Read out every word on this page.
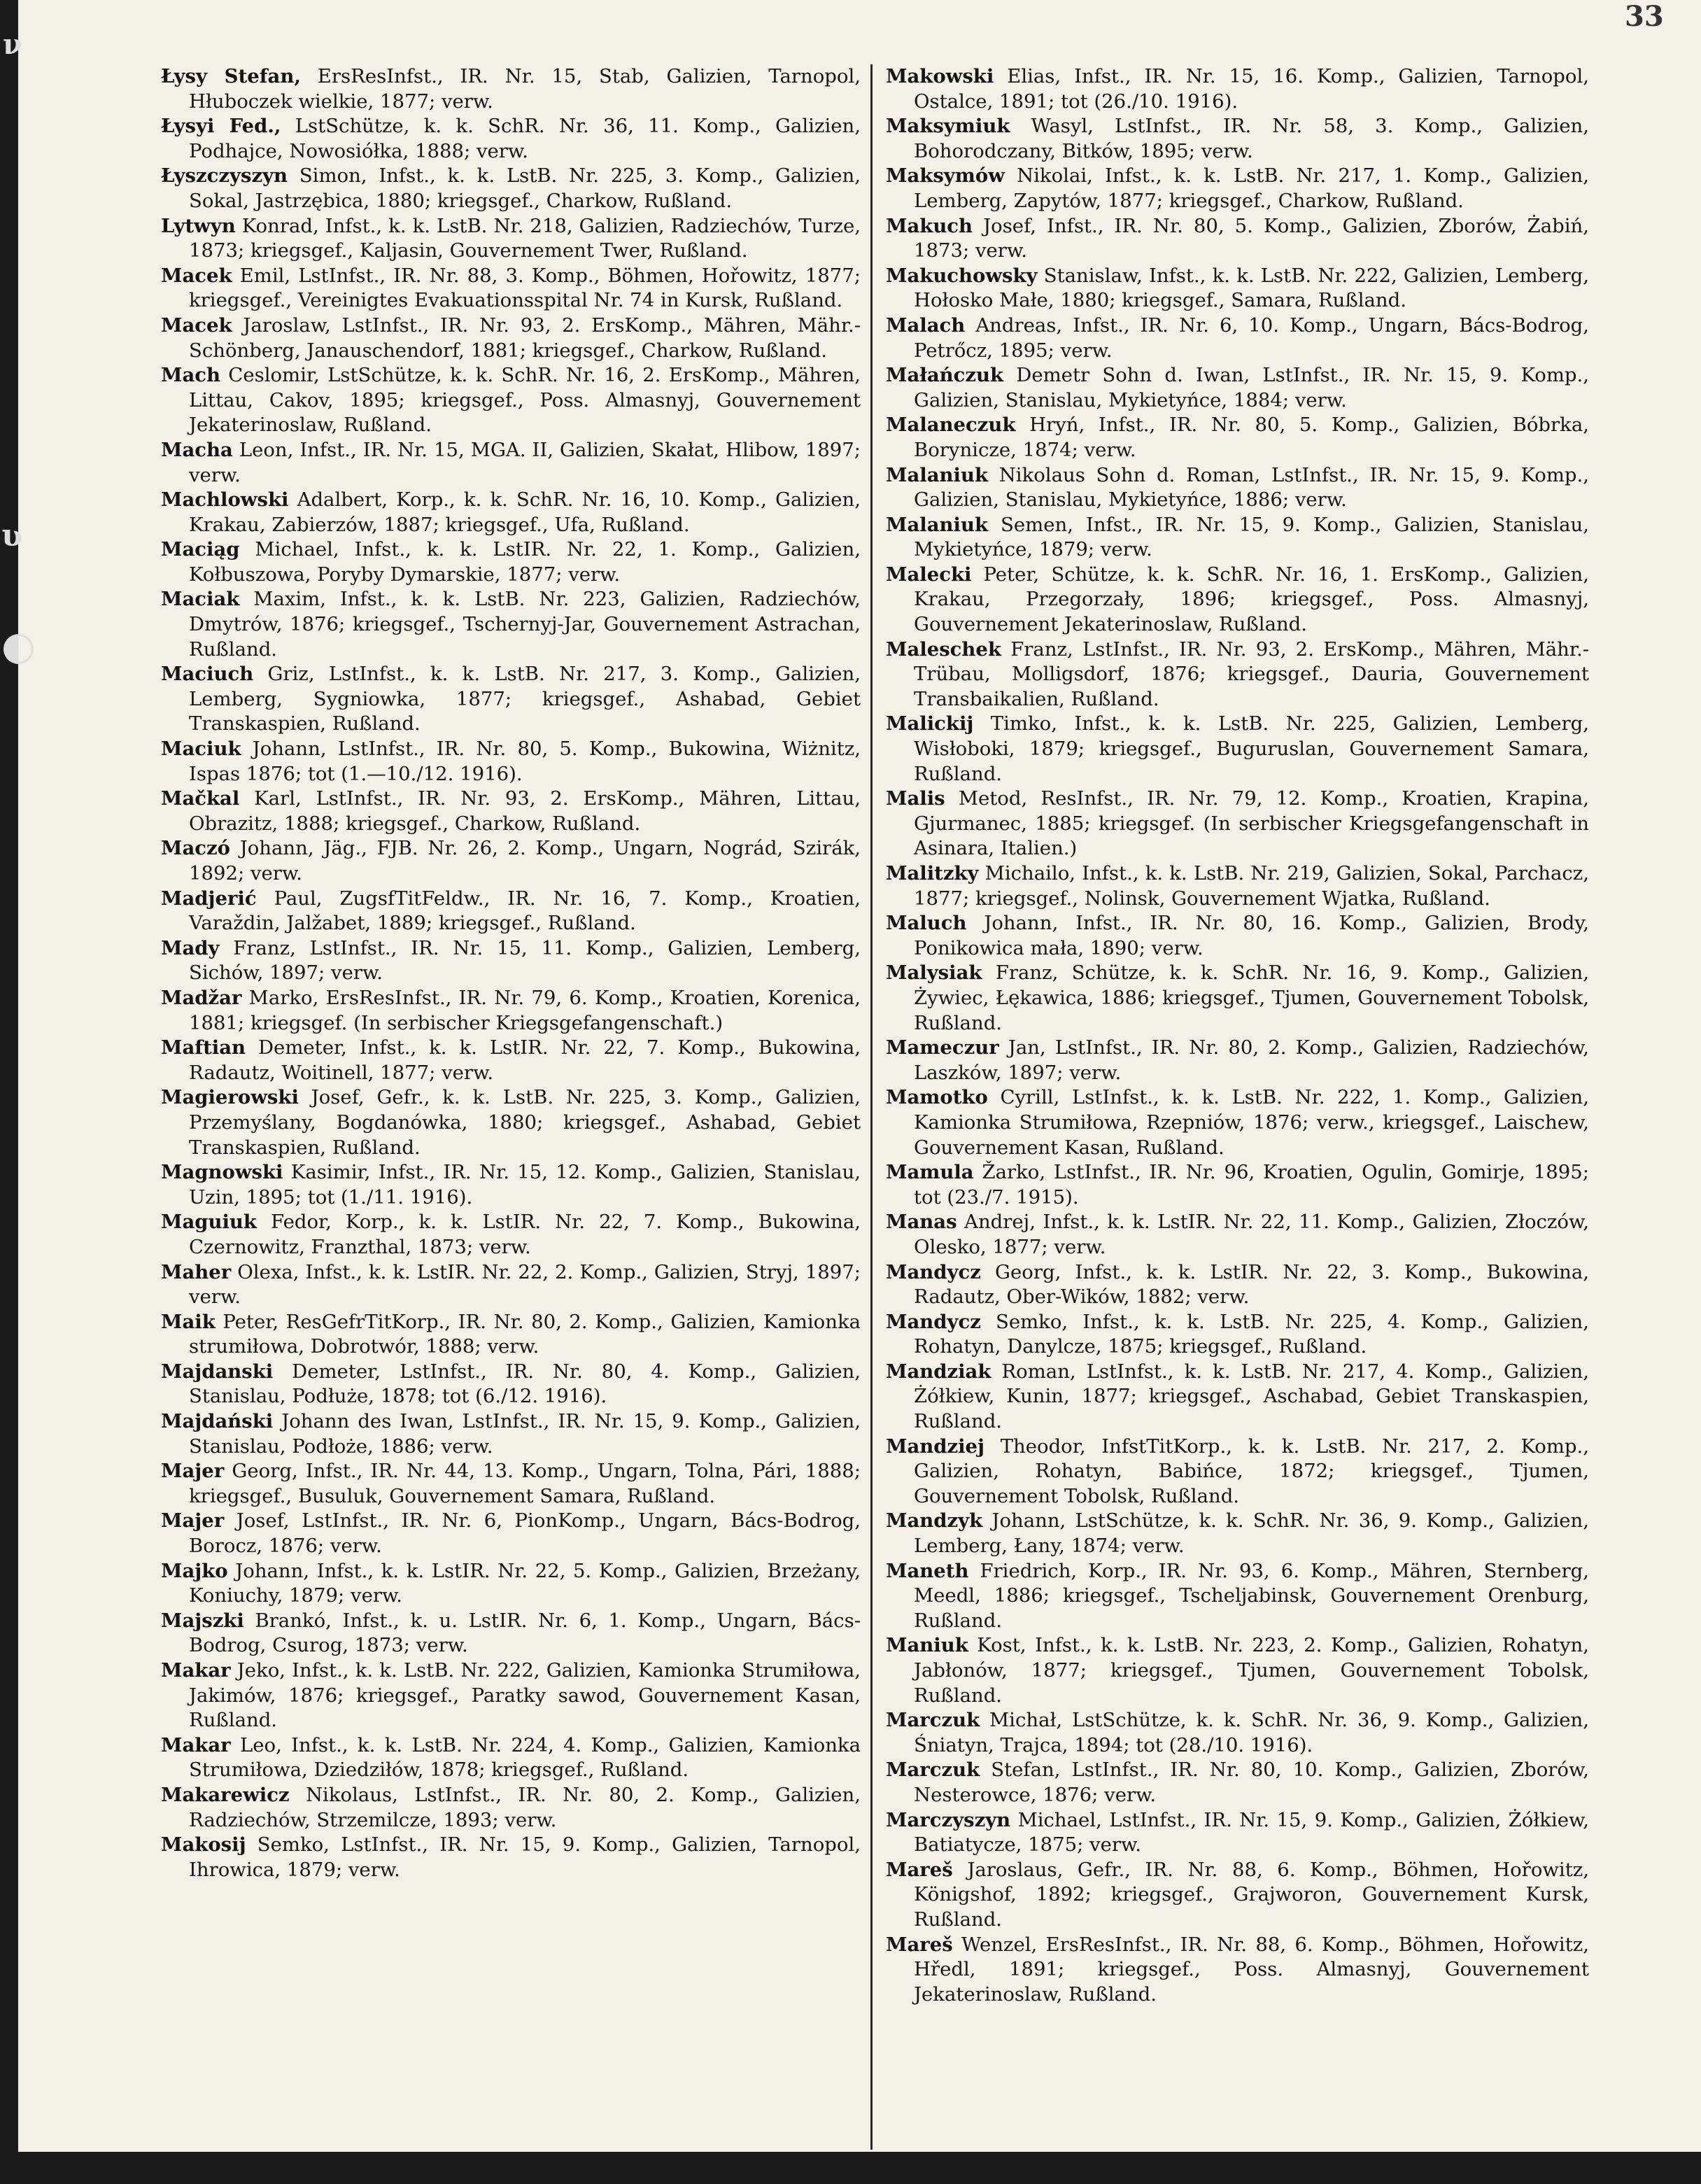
ν
ʋ
◐
33

Łysy Stefan, ErsResInfst., IR. Nr. 15, Stab, Galizien, Tarnopol, Hłuboczek wielkie, 1877; verw.

Łysyi Fed., LstSchütze, k. k. SchR. Nr. 36, 11. Komp., Galizien, Podhajce, Nowosiółka, 1888; verw.

Łyszczyszyn Simon, Infst., k. k. LstB. Nr. 225, 3. Komp., Galizien, Sokal, Jastrzębica, 1880; kriegsgef., Charkow, Rußland.

Lytwyn Konrad, Infst., k. k. LstB. Nr. 218, Galizien, Radziechów, Turze, 1873; kriegsgef., Kaljasin, Gouvernement Twer, Rußland.

Macek Emil, LstInfst., IR. Nr. 88, 3. Komp., Böhmen, Hořowitz, 1877; kriegsgef., Vereinigtes Evakuationsspital Nr. 74 in Kursk, Rußland.

Macek Jaroslaw, LstInfst., IR. Nr. 93, 2. ErsKomp., Mähren, Mähr.-Schönberg, Janauschendorf, 1881; kriegsgef., Charkow, Rußland.

Mach Ceslomir, LstSchütze, k. k. SchR. Nr. 16, 2. ErsKomp., Mähren, Littau, Cakov, 1895; kriegsgef., Poss. Almasnyj, Gouvernement Jekaterinoslaw, Rußland.

Macha Leon, Infst., IR. Nr. 15, MGA. II, Galizien, Skałat, Hlibow, 1897; verw.

Machlowski Adalbert, Korp., k. k. SchR. Nr. 16, 10. Komp., Galizien, Krakau, Zabierzów, 1887; kriegsgef., Ufa, Rußland.

Maciąg Michael, Infst., k. k. LstIR. Nr. 22, 1. Komp., Galizien, Kołbuszowa, Poryby Dymarskie, 1877; verw.

Maciak Maxim, Infst., k. k. LstB. Nr. 223, Galizien, Radziechów, Dmytrów, 1876; kriegsgef., Tschernyj-Jar, Gouvernement Astrachan, Rußland.

Maciuch Griz, LstInfst., k. k. LstB. Nr. 217, 3. Komp., Galizien, Lemberg, Sygniowka, 1877; kriegsgef., Ashabad, Gebiet Transkaspien, Rußland.

Maciuk Johann, LstInfst., IR. Nr. 80, 5. Komp., Bukowina, Wiżnitz, Ispas 1876; tot (1.—10./12. 1916).

Mačkal Karl, LstInfst., IR. Nr. 93, 2. ErsKomp., Mähren, Littau, Obrazitz, 1888; kriegsgef., Charkow, Rußland.

Maczó Johann, Jäg., FJB. Nr. 26, 2. Komp., Ungarn, Nográd, Szirák, 1892; verw.

Madjerić Paul, ZugsfTitFeldw., IR. Nr. 16, 7. Komp., Kroatien, Varaždin, Jalžabet, 1889; kriegsgef., Rußland.

Mady Franz, LstInfst., IR. Nr. 15, 11. Komp., Galizien, Lemberg, Sichów, 1897; verw.

Madžar Marko, ErsResInfst., IR. Nr. 79, 6. Komp., Kroatien, Korenica, 1881; kriegsgef. (In serbischer Kriegsgefangenschaft.)

Maftian Demeter, Infst., k. k. LstIR. Nr. 22, 7. Komp., Bukowina, Radautz, Woitinell, 1877; verw.

Magierowski Josef, Gefr., k. k. LstB. Nr. 225, 3. Komp., Galizien, Przemyślany, Bogdanówka, 1880; kriegsgef., Ashabad, Gebiet Transkaspien, Rußland.

Magnowski Kasimir, Infst., IR. Nr. 15, 12. Komp., Galizien, Stanislau, Uzin, 1895; tot (1./11. 1916).

Maguiuk Fedor, Korp., k. k. LstIR. Nr. 22, 7. Komp., Bukowina, Czernowitz, Franzthal, 1873; verw.

Maher Olexa, Infst., k. k. LstIR. Nr. 22, 2. Komp., Galizien, Stryj, 1897; verw.

Maik Peter, ResGefrTitKorp., IR. Nr. 80, 2. Komp., Galizien, Kamionka strumiłowa, Dobrotwór, 1888; verw.

Majdanski Demeter, LstInfst., IR. Nr. 80, 4. Komp., Galizien, Stanislau, Podłuże, 1878; tot (6./12. 1916).

Majdański Johann des Iwan, LstInfst., IR. Nr. 15, 9. Komp., Galizien, Stanislau, Podłoże, 1886; verw.

Majer Georg, Infst., IR. Nr. 44, 13. Komp., Ungarn, Tolna, Pári, 1888; kriegsgef., Busuluk, Gouvernement Samara, Rußland.

Majer Josef, LstInfst., IR. Nr. 6, PionKomp., Ungarn, Bács-Bodrog, Borocz, 1876; verw.

Majko Johann, Infst., k. k. LstIR. Nr. 22, 5. Komp., Galizien, Brzeżany, Koniuchy, 1879; verw.

Majszki Brankó, Infst., k. u. LstIR. Nr. 6, 1. Komp., Ungarn, Bács-Bodrog, Csurog, 1873; verw.

Makar Jeko, Infst., k. k. LstB. Nr. 222, Galizien, Kamionka Strumiłowa, Jakimów, 1876; kriegsgef., Paratky sawod, Gouvernement Kasan, Rußland.

Makar Leo, Infst., k. k. LstB. Nr. 224, 4. Komp., Galizien, Kamionka Strumiłowa, Dziedziłów, 1878; kriegsgef., Rußland.

Makarewicz Nikolaus, LstInfst., IR. Nr. 80, 2. Komp., Galizien, Radziechów, Strzemilcze, 1893; verw.

Makosij Semko, LstInfst., IR. Nr. 15, 9. Komp., Galizien, Tarnopol, Ihrowica, 1879; verw.

Makowski Elias, Infst., IR. Nr. 15, 16. Komp., Galizien, Tarnopol, Ostalce, 1891; tot (26./10. 1916).

Maksymiuk Wasyl, LstInfst., IR. Nr. 58, 3. Komp., Galizien, Bohorodczany, Bitków, 1895; verw.

Maksymów Nikolai, Infst., k. k. LstB. Nr. 217, 1. Komp., Galizien, Lemberg, Zapytów, 1877; kriegsgef., Charkow, Rußland.

Makuch Josef, Infst., IR. Nr. 80, 5. Komp., Galizien, Zborów, Żabiń, 1873; verw.

Makuchowsky Stanislaw, Infst., k. k. LstB. Nr. 222, Galizien, Lemberg, Hołosko Małe, 1880; kriegsgef., Samara, Rußland.

Malach Andreas, Infst., IR. Nr. 6, 10. Komp., Ungarn, Bács-Bodrog, Petrőcz, 1895; verw.

Małańczuk Demetr Sohn d. Iwan, LstInfst., IR. Nr. 15, 9. Komp., Galizien, Stanislau, Mykietyńce, 1884; verw.

Malaneczuk Hryń, Infst., IR. Nr. 80, 5. Komp., Galizien, Bóbrka, Borynicze, 1874; verw.

Malaniuk Nikolaus Sohn d. Roman, LstInfst., IR. Nr. 15, 9. Komp., Galizien, Stanislau, Mykietyńce, 1886; verw.

Malaniuk Semen, Infst., IR. Nr. 15, 9. Komp., Galizien, Stanislau, Mykietyńce, 1879; verw.

Malecki Peter, Schütze, k. k. SchR. Nr. 16, 1. ErsKomp., Galizien, Krakau, Przegorzały, 1896; kriegsgef., Poss. Almasnyj, Gouvernement Jekaterinoslaw, Rußland.

Maleschek Franz, LstInfst., IR. Nr. 93, 2. ErsKomp., Mähren, Mähr.-Trübau, Molligsdorf, 1876; kriegsgef., Dauria, Gouvernement Transbaikalien, Rußland.

Malickij Timko, Infst., k. k. LstB. Nr. 225, Galizien, Lemberg, Wisłoboki, 1879; kriegsgef., Buguruslan, Gouvernement Samara, Rußland.

Malis Metod, ResInfst., IR. Nr. 79, 12. Komp., Kroatien, Krapina, Gjurmanec, 1885; kriegsgef. (In serbischer Kriegsgefangenschaft in Asinara, Italien.)

Malitzky Michailo, Infst., k. k. LstB. Nr. 219, Galizien, Sokal, Parchacz, 1877; kriegsgef., Nolinsk, Gouvernement Wjatka, Rußland.

Maluch Johann, Infst., IR. Nr. 80, 16. Komp., Galizien, Brody, Ponikowica mała, 1890; verw.

Malysiak Franz, Schütze, k. k. SchR. Nr. 16, 9. Komp., Galizien, Żywiec, Łękawica, 1886; kriegsgef., Tjumen, Gouvernement Tobolsk, Rußland.

Mameczur Jan, LstInfst., IR. Nr. 80, 2. Komp., Galizien, Radziechów, Laszków, 1897; verw.

Mamotko Cyrill, LstInfst., k. k. LstB. Nr. 222, 1. Komp., Galizien, Kamionka Strumiłowa, Rzepniów, 1876; verw., kriegsgef., Laischew, Gouvernement Kasan, Rußland.

Mamula Žarko, LstInfst., IR. Nr. 96, Kroatien, Ogulin, Gomirje, 1895; tot (23./7. 1915).

Manas Andrej, Infst., k. k. LstIR. Nr. 22, 11. Komp., Galizien, Złoczów, Olesko, 1877; verw.

Mandycz Georg, Infst., k. k. LstIR. Nr. 22, 3. Komp., Bukowina, Radautz, Ober-Wików, 1882; verw.

Mandycz Semko, Infst., k. k. LstB. Nr. 225, 4. Komp., Galizien, Rohatyn, Danylcze, 1875; kriegsgef., Rußland.

Mandziak Roman, LstInfst., k. k. LstB. Nr. 217, 4. Komp., Galizien, Żółkiew, Kunin, 1877; kriegsgef., Aschabad, Gebiet Transkaspien, Rußland.

Mandziej Theodor, InfstTitKorp., k. k. LstB. Nr. 217, 2. Komp., Galizien, Rohatyn, Babińce, 1872; kriegsgef., Tjumen, Gouvernement Tobolsk, Rußland.

Mandzyk Johann, LstSchütze, k. k. SchR. Nr. 36, 9. Komp., Galizien, Lemberg, Łany, 1874; verw.

Maneth Friedrich, Korp., IR. Nr. 93, 6. Komp., Mähren, Sternberg, Meedl, 1886; kriegsgef., Tscheljabinsk, Gouvernement Orenburg, Rußland.

Maniuk Kost, Infst., k. k. LstB. Nr. 223, 2. Komp., Galizien, Rohatyn, Jabłonów, 1877; kriegsgef., Tjumen, Gouvernement Tobolsk, Rußland.

Marczuk Michał, LstSchütze, k. k. SchR. Nr. 36, 9. Komp., Galizien, Śniatyn, Trajca, 1894; tot (28./10. 1916).

Marczuk Stefan, LstInfst., IR. Nr. 80, 10. Komp., Galizien, Zborów, Nesterowce, 1876; verw.

Marczyszyn Michael, LstInfst., IR. Nr. 15, 9. Komp., Galizien, Żółkiew, Batiatycze, 1875; verw.

Mareš Jaroslaus, Gefr., IR. Nr. 88, 6. Komp., Böhmen, Hořowitz, Königshof, 1892; kriegsgef., Grajworon, Gouvernement Kursk, Rußland.

Mareš Wenzel, ErsResInfst., IR. Nr. 88, 6. Komp., Böhmen, Hořowitz, Hředl, 1891; kriegsgef., Poss. Almasnyj, Gouvernement Jekaterinoslaw, Rußland.
